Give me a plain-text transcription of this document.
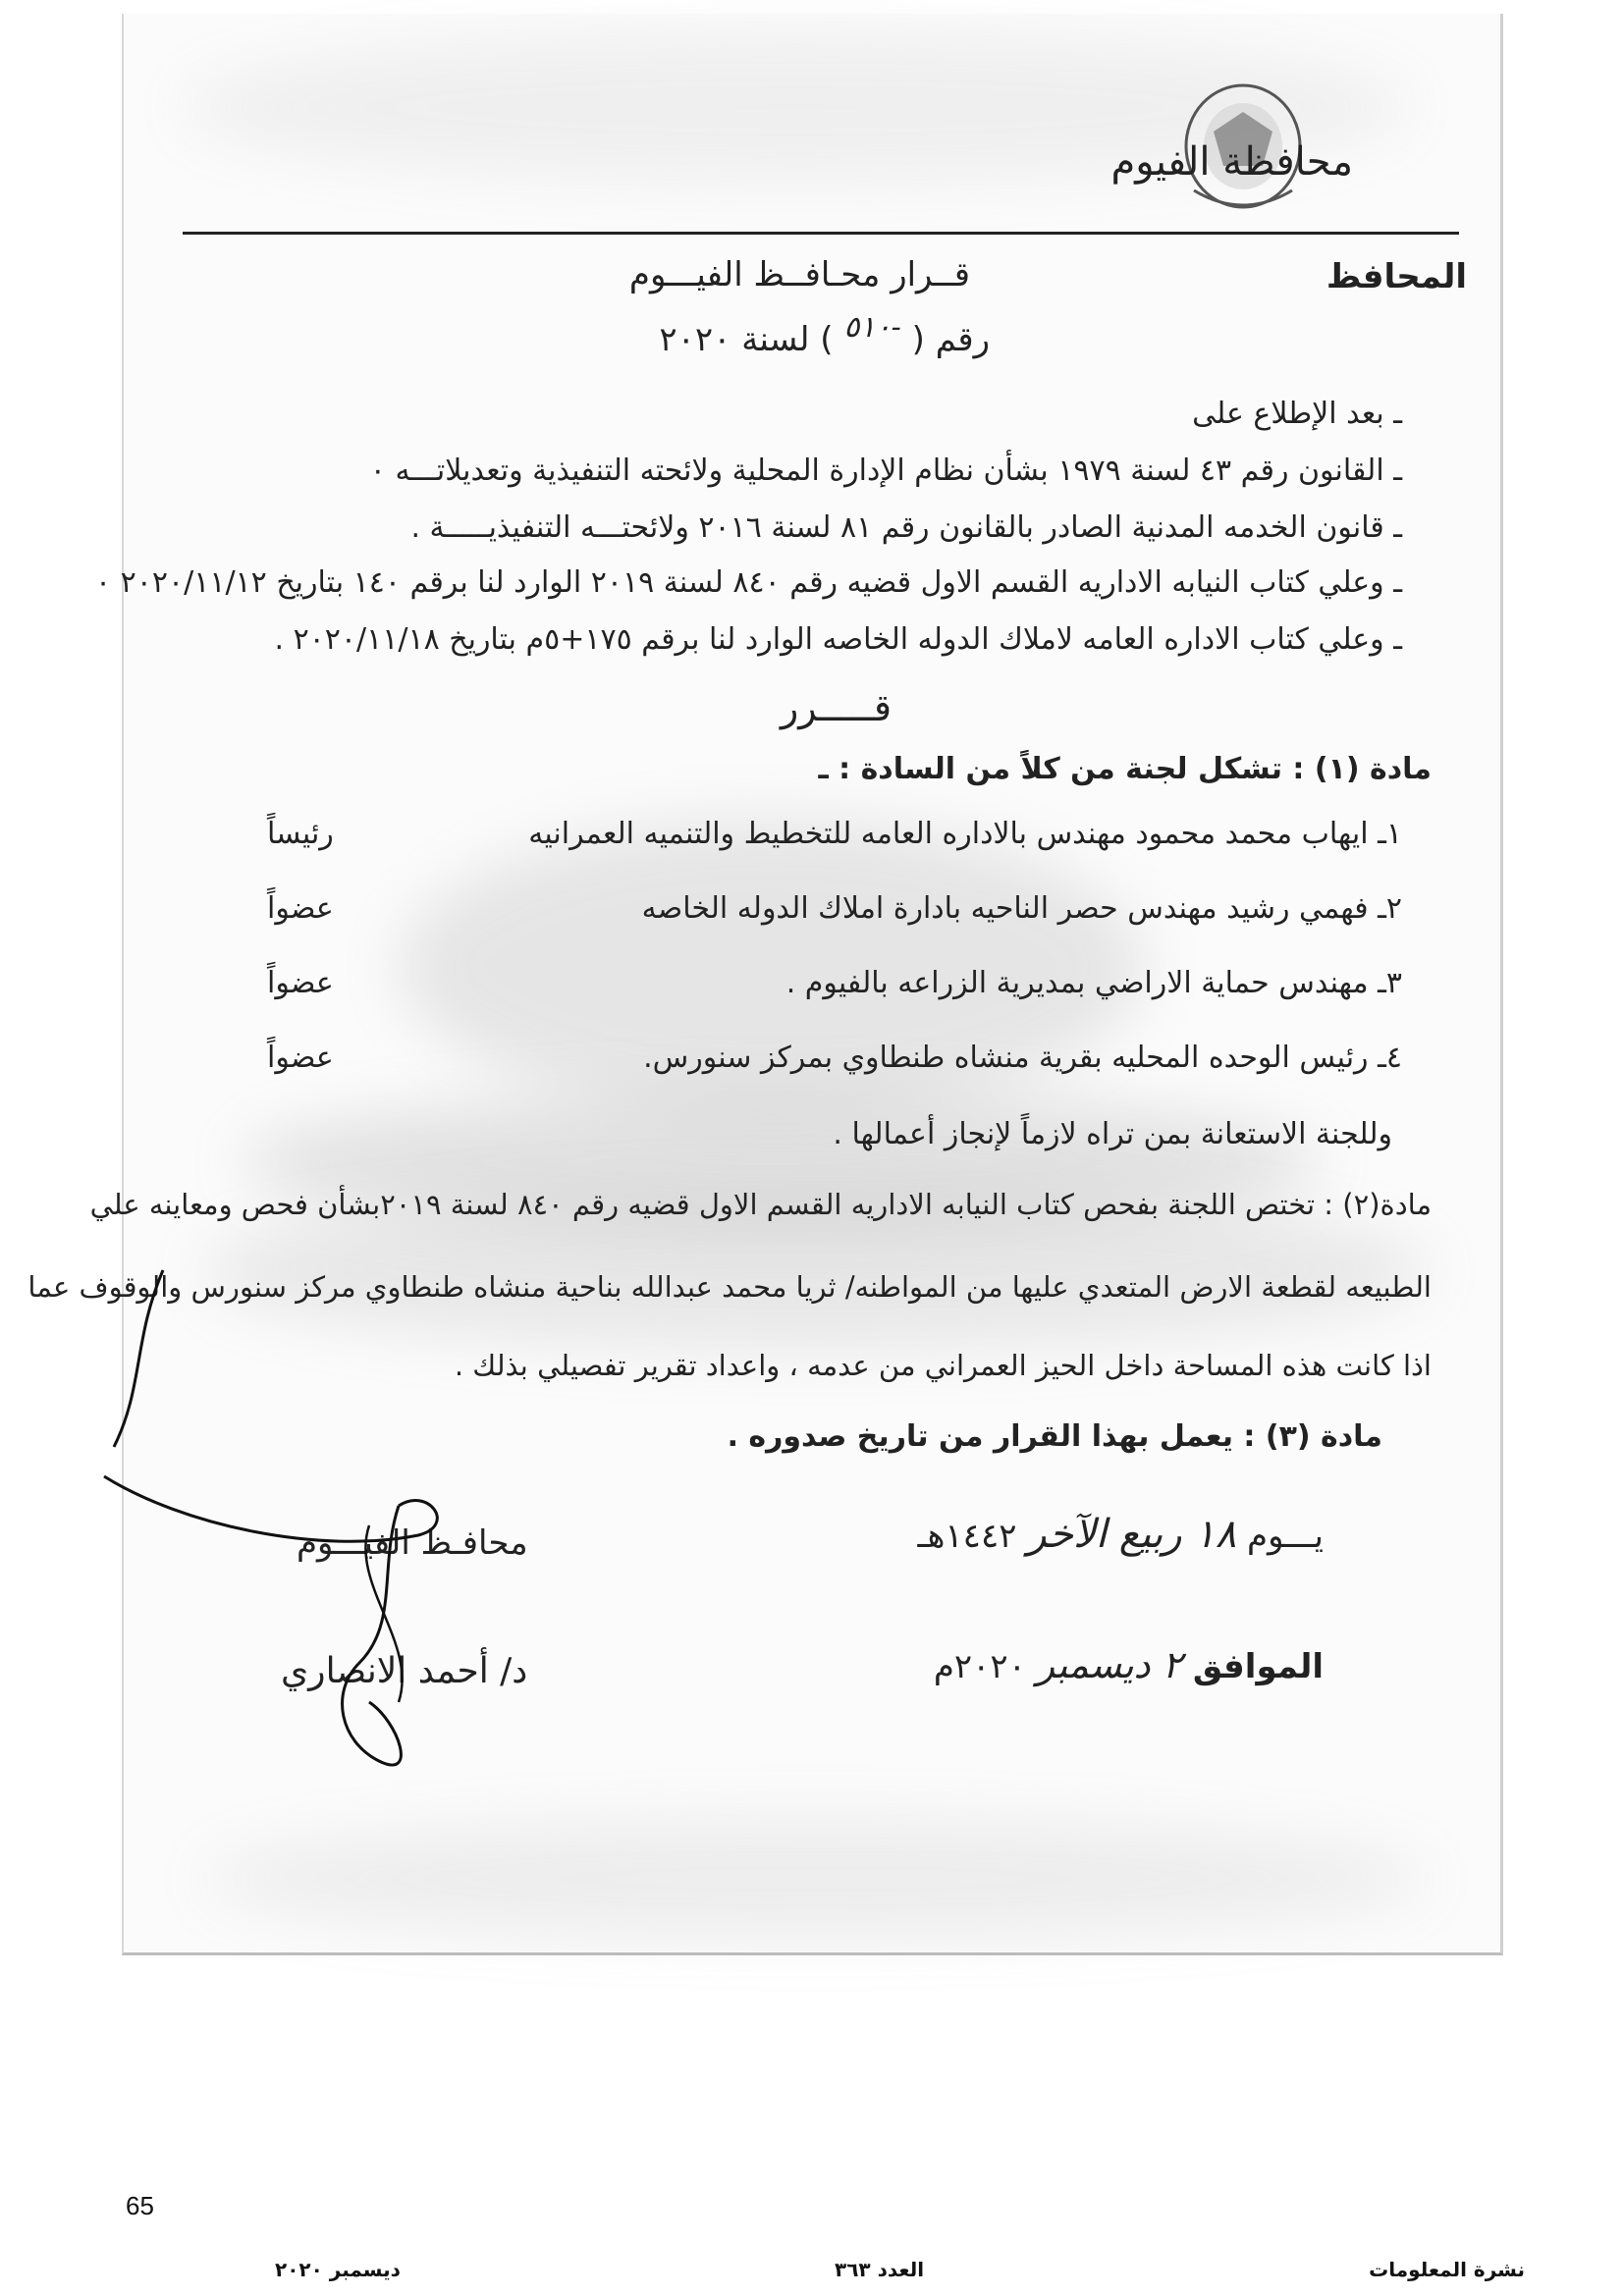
محافظة الفيوم
المحافظ
قــرار محـافــظ الفيـــوم
رقم ( -٥١٠ ) لسنة ٢٠٢٠
ـ بعد الإطلاع على
ـ القانون رقم ٤٣ لسنة ١٩٧٩ بشأن نظام الإدارة المحلية ولائحته التنفيذية وتعديلاتـــه ٠
ـ قانون الخدمه المدنية الصادر بالقانون رقم ٨١ لسنة ٢٠١٦ ولائحتـــه التنفيذيـــــة .
ـ وعلي كتاب النيابه الاداريه القسم الاول قضيه رقم ٨٤٠ لسنة ٢٠١٩ الوارد لنا برقم ١٤٠ بتاريخ ٢٠٢٠/١١/١٢ ٠
ـ وعلي كتاب الاداره العامه لاملاك الدوله الخاصه الوارد لنا برقم ١٧٥+٥م بتاريخ ٢٠٢٠/١١/١٨ .
قـــــرر
مادة (١) : تشكل لجنة من كلاً من السادة : ـ
١ـ ايهاب محمد محمود مهندس بالاداره العامه للتخطيط والتنميه العمرانيه
رئيساً
٢ـ فهمي رشيد مهندس حصر الناحيه بادارة املاك الدوله الخاصه
عضواً
٣ـ مهندس حماية الاراضي بمديرية الزراعه بالفيوم .
عضواً
٤ـ رئيس الوحده المحليه بقرية منشاه طنطاوي بمركز سنورس.
عضواً
وللجنة الاستعانة بمن تراه لازماً لإنجاز أعمالها .
مادة(٢) : تختص اللجنة بفحص كتاب النيابه الاداريه القسم الاول قضيه رقم ٨٤٠ لسنة ٢٠١٩بشأن فحص ومعاينه علي
الطبيعه لقطعة الارض المتعدي عليها من المواطنه/ ثريا محمد عبدالله بناحية منشاه طنطاوي مركز سنورس والوقوف عما
اذا كانت هذه المساحة داخل الحيز العمراني من عدمه ، واعداد تقرير تفصيلي بذلك .
مادة (٣) : يعمل بهذا القرار من تاريخ صدوره .
محافـظ الفيـــوم
د/ أحمد الانصاري
يـــوم ١٨ ربيع الآخر ١٤٤٢هـ
الموافق ٢ ديسمبر ٢٠٢٠م
65
ديسمبر ٢٠٢٠	العدد ٣٦٣	نشرة المعلومات
